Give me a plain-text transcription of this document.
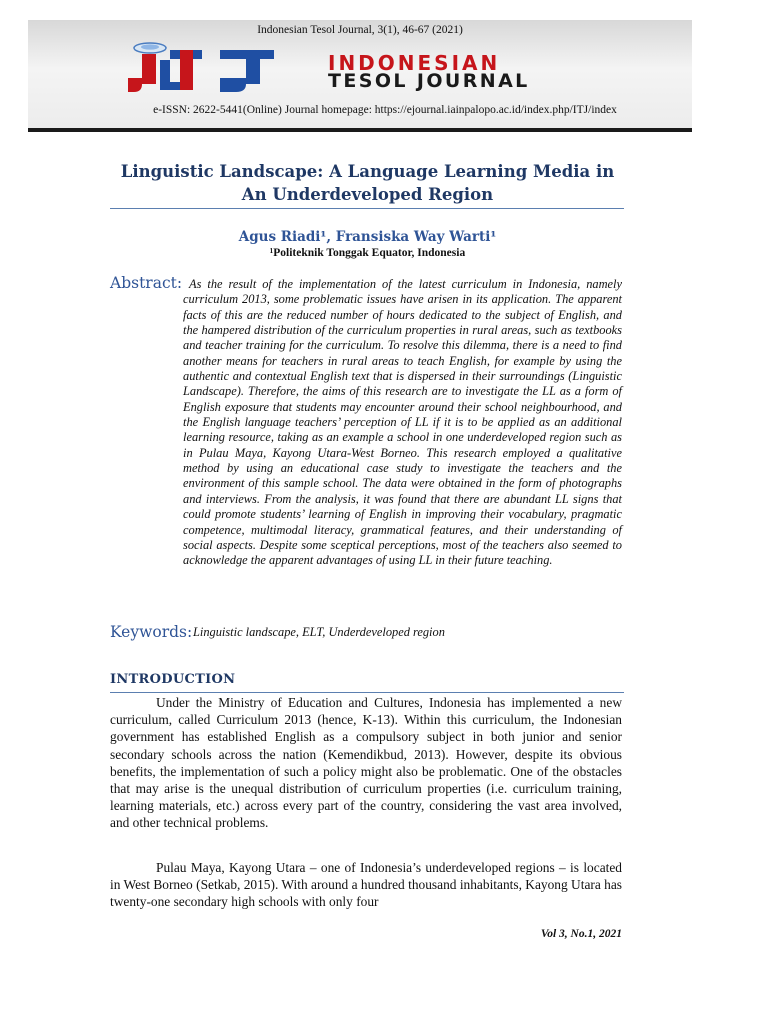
Indonesian Tesol Journal, 3(1), 46-67 (2021)
INDONESIAN
TESOL JOURNAL
e-ISSN: 2622-5441(Online) Journal homepage: https://ejournal.iainpalopo.ac.id/index.php/ITJ/index
Linguistic Landscape: A Language Learning Media in An Underdeveloped Region
Agus Riadi¹, Fransiska Way Warti¹
¹Politeknik Tonggak Equator, Indonesia
Abstract: As the result of the implementation of the latest curriculum in Indonesia, namely curriculum 2013, some problematic issues have arisen in its application. The apparent facts of this are the reduced number of hours dedicated to the subject of English, and the hampered distribution of the curriculum properties in rural areas, such as textbooks and teacher training for the curriculum. To resolve this dilemma, there is a need to find another means for teachers in rural areas to teach English, for example by using the authentic and contextual English text that is dispersed in their surroundings (Linguistic Landscape). Therefore, the aims of this research are to investigate the LL as a form of English exposure that students may encounter around their school neighbourhood, and the English language teachers’ perception of LL if it is to be applied as an additional learning resource, taking as an example a school in one underdeveloped region such as in Pulau Maya, Kayong Utara-West Borneo. This research employed a qualitative method by using an educational case study to investigate the teachers and the environment of this sample school. The data were obtained in the form of photographs and interviews. From the analysis, it was found that there are abundant LL signs that could promote students’ learning of English in improving their vocabulary, pragmatic competence, multimodal literacy, grammatical features, and their understanding of social aspects. Despite some sceptical perceptions, most of the teachers also seemed to acknowledge the apparent advantages of using LL in their future teaching.

Keywords: Linguistic landscape, ELT, Underdeveloped region
INTRODUCTION

Under the Ministry of Education and Cultures, Indonesia has implemented a new curriculum, called Curriculum 2013 (hence, K-13). Within this curriculum, the Indonesian government has established English as a compulsory subject in both junior and senior secondary schools across the nation (Kemendikbud, 2013). However, despite its obvious benefits, the implementation of such a policy might also be problematic. One of the obstacles that may arise is the unequal distribution of curriculum properties (i.e. curriculum training, learning materials, etc.) across every part of the country, considering the vast area involved, and other technical problems.

Pulau Maya, Kayong Utara – one of Indonesia’s underdeveloped regions – is located in West Borneo (Setkab, 2015). With around a hundred thousand inhabitants, Kayong Utara has twenty-one secondary high schools with only four

Vol 3, No.1, 2021
